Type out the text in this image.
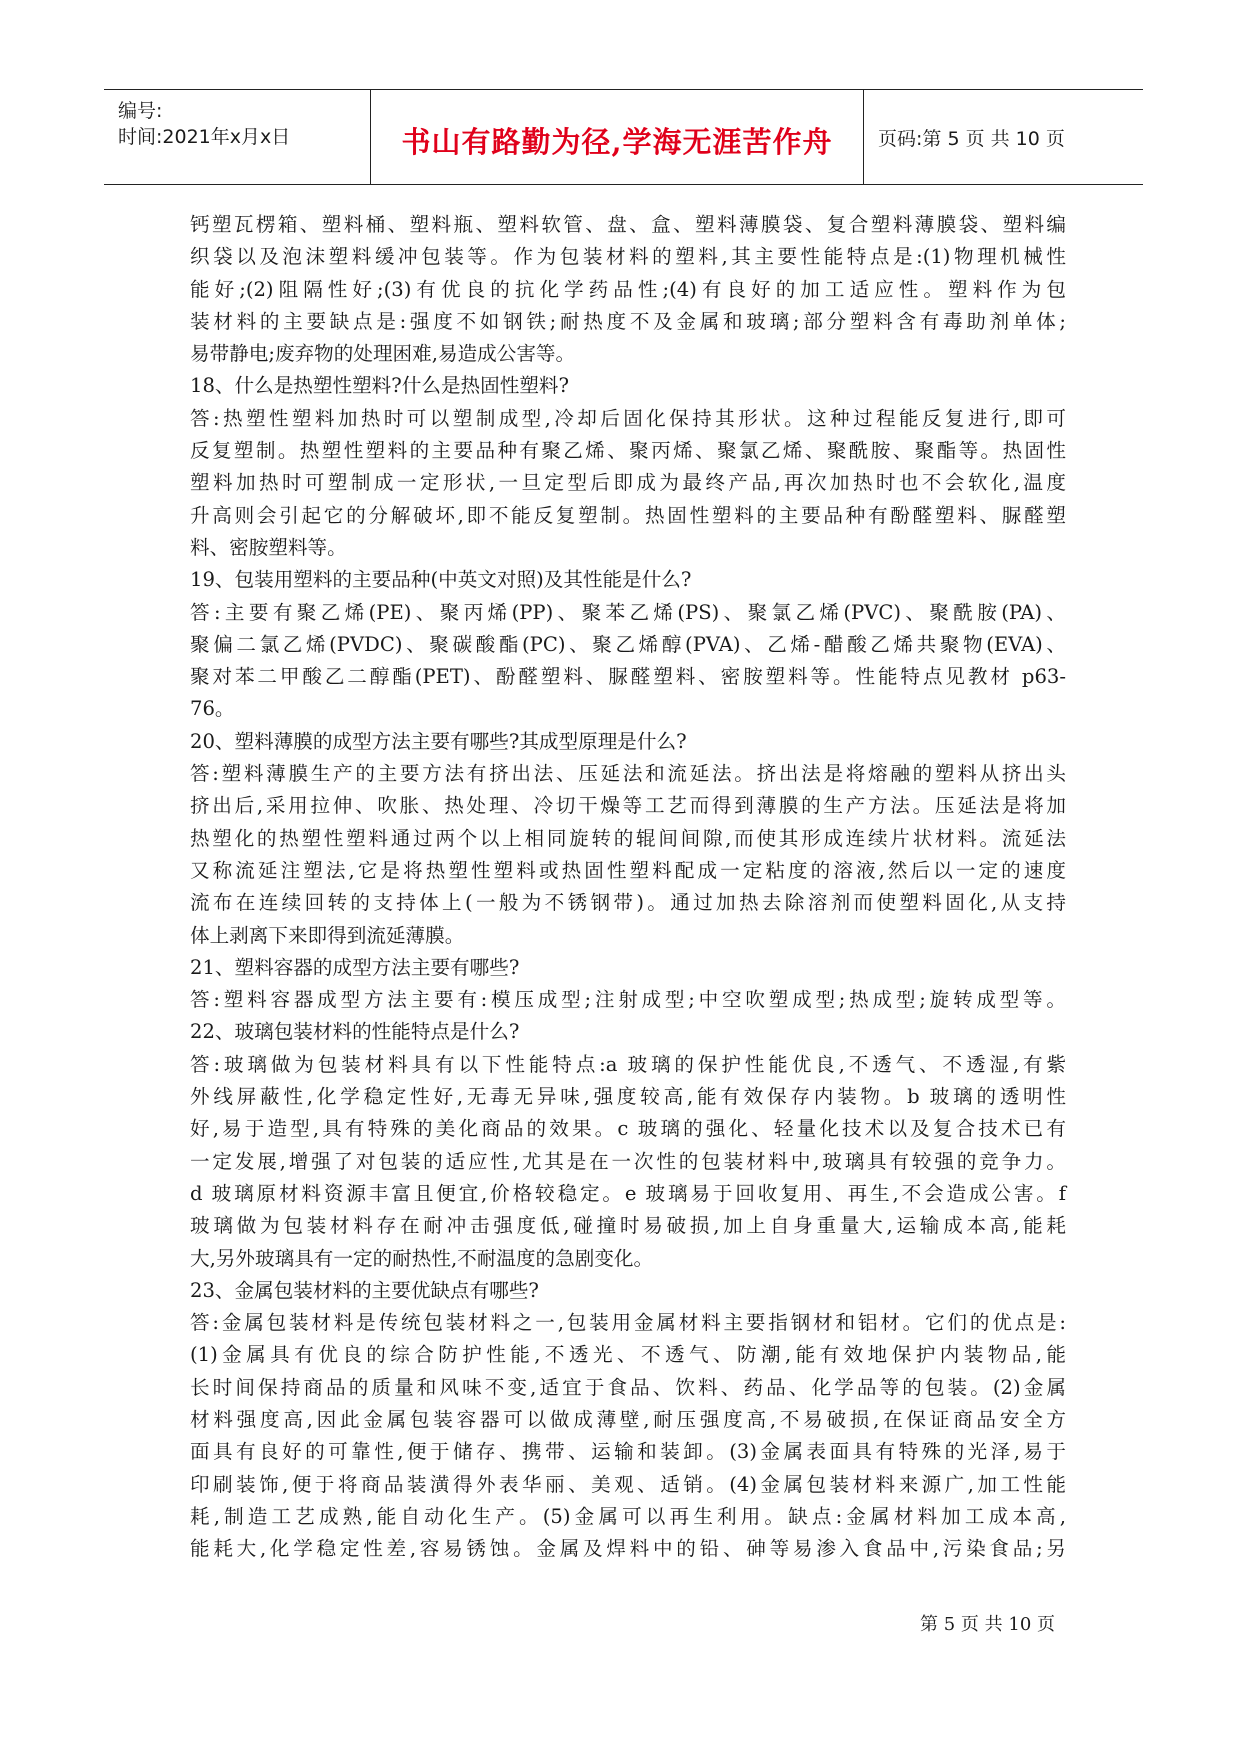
编号:
时间:2021年x月x日	书山有路勤为径,学海无涯苦作舟	页码:第 5 页 共 10 页
钙塑瓦楞箱、塑料桶、塑料瓶、塑料软管、盘、盒、塑料薄膜袋、复合塑料薄膜袋、塑料编
织袋以及泡沫塑料缓冲包装等。作为包装材料的塑料,其主要性能特点是:(1)物理机械性
能好;(2)阻隔性好;(3)有优良的抗化学药品性;(4)有良好的加工适应性。塑料作为包
装材料的主要缺点是:强度不如钢铁;耐热度不及金属和玻璃;部分塑料含有毒助剂单体;
易带静电;废弃物的处理困难,易造成公害等。
18、什么是热塑性塑料?什么是热固性塑料?
答:热塑性塑料加热时可以塑制成型,冷却后固化保持其形状。这种过程能反复进行,即可
反复塑制。热塑性塑料的主要品种有聚乙烯、聚丙烯、聚氯乙烯、聚酰胺、聚酯等。热固性
塑料加热时可塑制成一定形状,一旦定型后即成为最终产品,再次加热时也不会软化,温度
升高则会引起它的分解破坏,即不能反复塑制。热固性塑料的主要品种有酚醛塑料、脲醛塑
料、密胺塑料等。
19、包装用塑料的主要品种(中英文对照)及其性能是什么?
答:主要有聚乙烯(PE)、聚丙烯(PP)、聚苯乙烯(PS)、聚氯乙烯(PVC)、聚酰胺(PA)、
聚偏二氯乙烯(PVDC)、聚碳酸酯(PC)、聚乙烯醇(PVA)、乙烯-醋酸乙烯共聚物(EVA)、
聚对苯二甲酸乙二醇酯(PET)、酚醛塑料、脲醛塑料、密胺塑料等。性能特点见教材 p63-
76。
20、塑料薄膜的成型方法主要有哪些?其成型原理是什么?
答:塑料薄膜生产的主要方法有挤出法、压延法和流延法。挤出法是将熔融的塑料从挤出头
挤出后,采用拉伸、吹胀、热处理、冷切干燥等工艺而得到薄膜的生产方法。压延法是将加
热塑化的热塑性塑料通过两个以上相同旋转的辊间间隙,而使其形成连续片状材料。流延法
又称流延注塑法,它是将热塑性塑料或热固性塑料配成一定粘度的溶液,然后以一定的速度
流布在连续回转的支持体上(一般为不锈钢带)。通过加热去除溶剂而使塑料固化,从支持
体上剥离下来即得到流延薄膜。
21、塑料容器的成型方法主要有哪些?
答:塑料容器成型方法主要有:模压成型;注射成型;中空吹塑成型;热成型;旋转成型等。
22、玻璃包装材料的性能特点是什么?
答:玻璃做为包装材料具有以下性能特点:a 玻璃的保护性能优良,不透气、不透湿,有紫
外线屏蔽性,化学稳定性好,无毒无异味,强度较高,能有效保存内装物。b 玻璃的透明性
好,易于造型,具有特殊的美化商品的效果。c 玻璃的强化、轻量化技术以及复合技术已有
一定发展,增强了对包装的适应性,尤其是在一次性的包装材料中,玻璃具有较强的竞争力。
d 玻璃原材料资源丰富且便宜,价格较稳定。e 玻璃易于回收复用、再生,不会造成公害。f
玻璃做为包装材料存在耐冲击强度低,碰撞时易破损,加上自身重量大,运输成本高,能耗
大,另外玻璃具有一定的耐热性,不耐温度的急剧变化。
23、金属包装材料的主要优缺点有哪些?
答:金属包装材料是传统包装材料之一,包装用金属材料主要指钢材和铝材。它们的优点是:
(1)金属具有优良的综合防护性能,不透光、不透气、防潮,能有效地保护内装物品,能
长时间保持商品的质量和风味不变,适宜于食品、饮料、药品、化学品等的包装。(2)金属
材料强度高,因此金属包装容器可以做成薄壁,耐压强度高,不易破损,在保证商品安全方
面具有良好的可靠性,便于储存、携带、运输和装卸。(3)金属表面具有特殊的光泽,易于
印刷装饰,便于将商品装潢得外表华丽、美观、适销。(4)金属包装材料来源广,加工性能
耗,制造工艺成熟,能自动化生产。(5)金属可以再生利用。缺点:金属材料加工成本高,
能耗大,化学稳定性差,容易锈蚀。金属及焊料中的铅、砷等易渗入食品中,污染食品;另
第 5 页 共 10 页
